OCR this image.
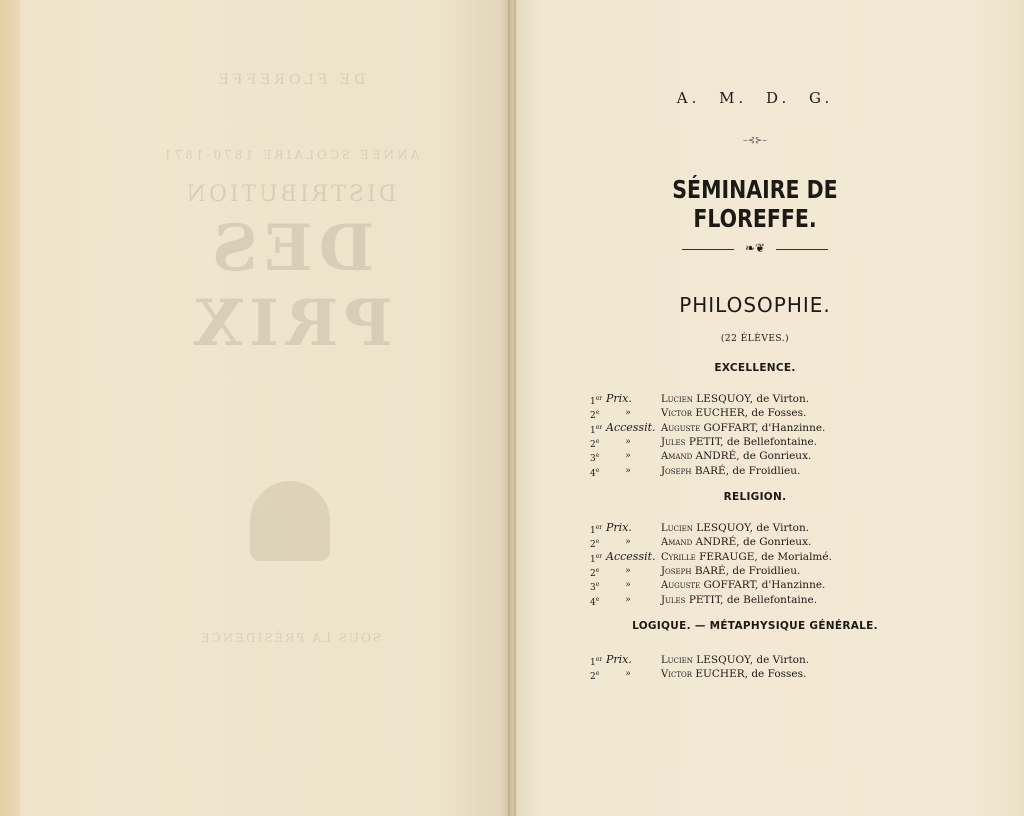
DE FLOREFFE
ANNÉE SCOLAIRE 1870-1871
DISTRIBUTION
DES PRIX
SOUS LA PRÉSIDENCE
A. M. D. G.
–⊰⊱–
SÉMINAIRE DE FLOREFFE.
❧❦
PHILOSOPHIE.
(22 ÉLÈVES.)
EXCELLENCE.
1er Prix.	Lucien LESQUOY, de Virton.
2e	»	Victor EUCHER, de Fosses.
1er Accessit. Auguste GOFFART, d'Hanzinne.
2e	»	Jules PETIT, de Bellefontaine.
3e	»	Amand ANDRÉ, de Gonrieux.
4e	»	Joseph BARÉ, de Froidlieu.
RELIGION.
1er Prix.	Lucien LESQUOY, de Virton.
2e	»	Amand ANDRÉ, de Gonrieux.
1er Accessit. Cyrille FERAUGE, de Morialmé.
2e	»	Joseph BARÉ, de Froidlieu.
3e	»	Auguste GOFFART, d'Hanzinne.
4e	»	Jules PETIT, de Bellefontaine.
LOGIQUE. — MÉTAPHYSIQUE GÉNÉRALE.
1er Prix.	Lucien LESQUOY, de Virton.
2e	»	Victor EUCHER, de Fosses.
